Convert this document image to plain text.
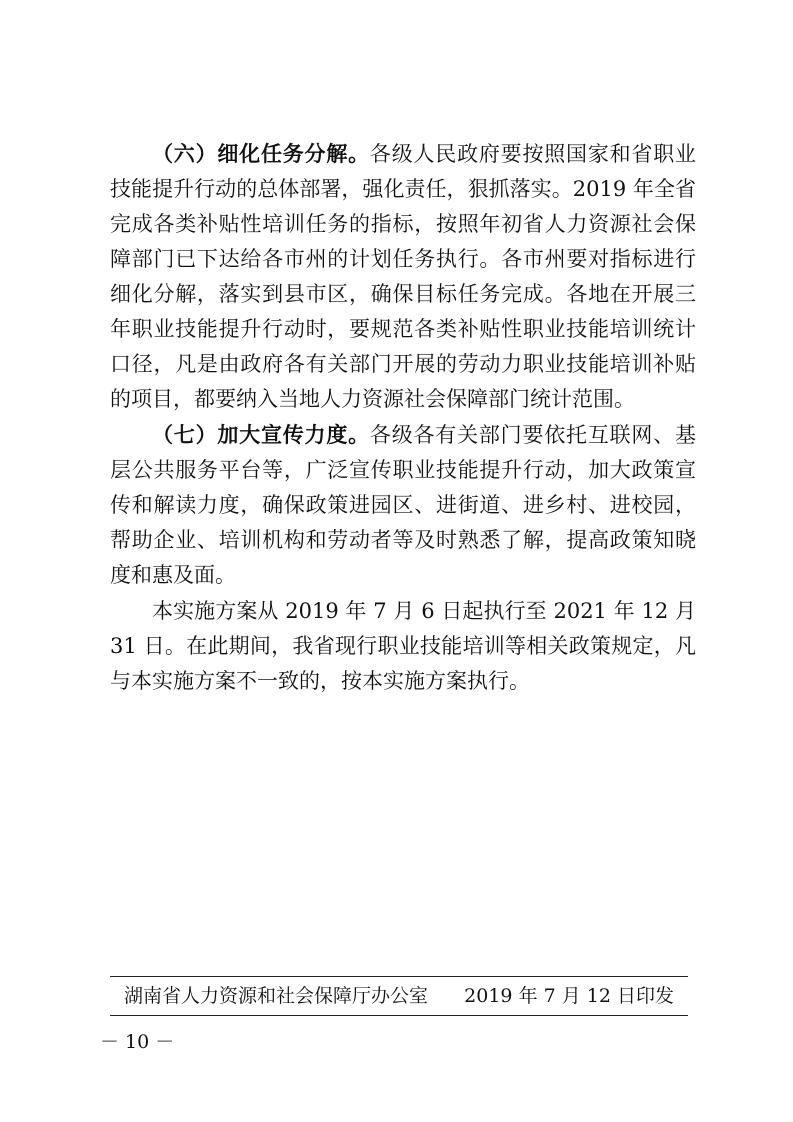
（六）细化任务分解。各级人民政府要按照国家和省职业技能提升行动的总体部署，强化责任，狠抓落实。2019 年全省完成各类补贴性培训任务的指标，按照年初省人力资源社会保障部门已下达给各市州的计划任务执行。各市州要对指标进行细化分解，落实到县市区，确保目标任务完成。各地在开展三年职业技能提升行动时，要规范各类补贴性职业技能培训统计口径，凡是由政府各有关部门开展的劳动力职业技能培训补贴的项目，都要纳入当地人力资源社会保障部门统计范围。

（七）加大宣传力度。各级各有关部门要依托互联网、基层公共服务平台等，广泛宣传职业技能提升行动，加大政策宣传和解读力度，确保政策进园区、进街道、进乡村、进校园，帮助企业、培训机构和劳动者等及时熟悉了解，提高政策知晓度和惠及面。

本实施方案从 2019 年 7 月 6 日起执行至 2021 年 12 月 31 日。在此期间，我省现行职业技能培训等相关政策规定，凡与本实施方案不一致的，按本实施方案执行。

湖南省人力资源和社会保障厅办公室 2019 年 7 月 12 日印发
－ 10 －
